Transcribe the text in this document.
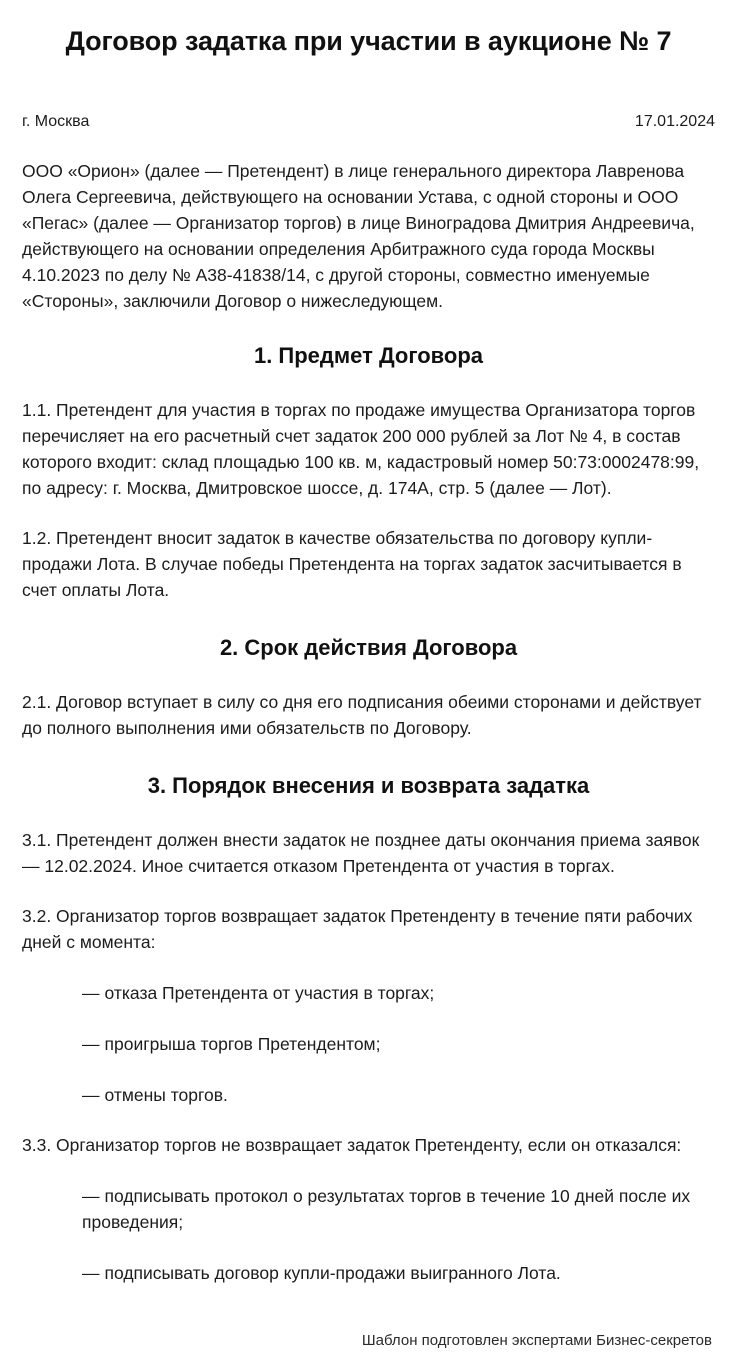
Договор задатка при участии в аукционе № 7
г. Москва	17.01.2024

ООО «Орион» (далее — Претендент) в лице генерального директора Лавренова Олега Сергеевича, действующего на основании Устава, с одной стороны и ООО «Пегас» (далее — Организатор торгов) в лице Виноградова Дмитрия Андреевича, действующего на основании определения Арбитражного суда города Москвы 4.10.2023 по делу № А38-41838/14, с другой стороны, совместно именуемые «Стороны», заключили Договор о нижеследующем.

1. Предмет Договора

1.1. Претендент для участия в торгах по продаже имущества Организатора торгов перечисляет на его расчетный счет задаток 200 000 рублей за Лот № 4, в состав которого входит: склад площадью 100 кв. м, кадастровый номер 50:73:0002478:99, по адресу: г. Москва, Дмитровское шоссе, д. 174А, стр. 5 (далее — Лот).

1.2. Претендент вносит задаток в качестве обязательства по договору купли-продажи Лота. В случае победы Претендента на торгах задаток засчитывается в счет оплаты Лота.

2. Срок действия Договора

2.1. Договор вступает в силу со дня его подписания обеими сторонами и действует до полного выполнения ими обязательств по Договору.

3. Порядок внесения и возврата задатка

3.1. Претендент должен внести задаток не позднее даты окончания приема заявок — 12.02.2024. Иное считается отказом Претендента от участия в торгах.

3.2. Организатор торгов возвращает задаток Претенденту в течение пяти рабочих дней с момента:

— отказа Претендента от участия в торгах;
— проигрыша торгов Претендентом;
— отмены торгов.

3.3. Организатор торгов не возвращает задаток Претенденту, если он отказался:

— подписывать протокол о результатах торгов в течение 10 дней после их проведения;
— подписывать договор купли-продажи выигранного Лота.
Шаблон подготовлен экспертами Бизнес-секретов
